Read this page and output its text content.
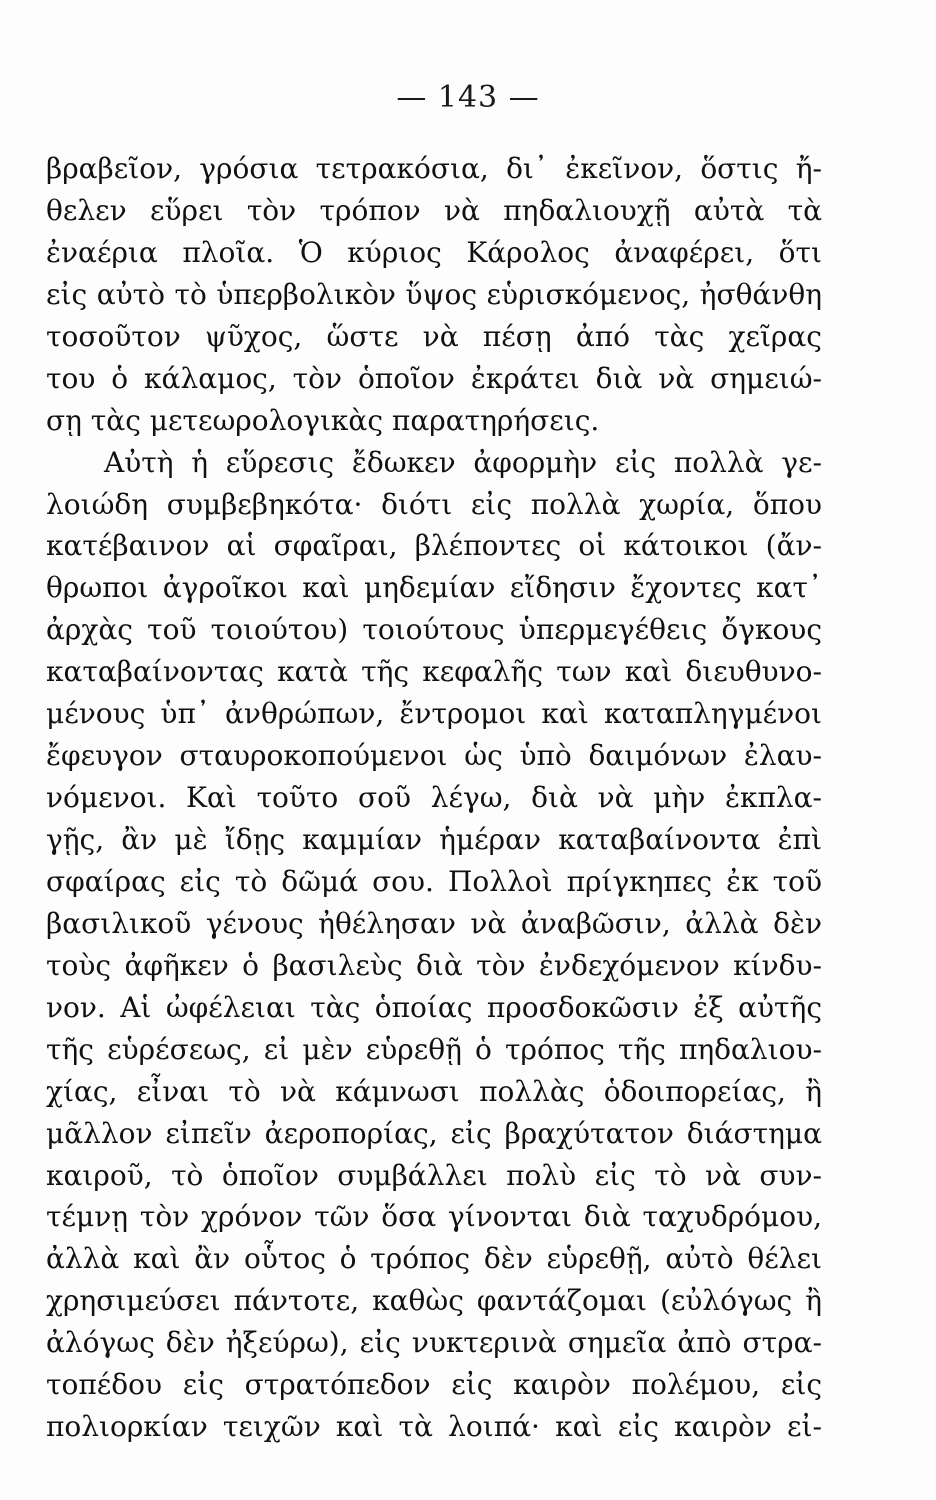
— 143 —
βραβεῖον, γρόσια τετρακόσια, δι᾽ ἐκεῖνον, ὅστις ἤ-
θελεν εὕρει τὸν τρόπον νὰ πηδαλιουχῇ αὐτὰ τὰ
ἐναέρια πλοῖα. Ὁ κύριος Κάρολος ἀναφέρει, ὅτι
εἰς αὐτὸ τὸ ὑπερβολικὸν ὕψος εὑρισκόμενος, ἠσθάνθη
τοσοῦτον ψῦχος, ὥστε νὰ πέσῃ ἀπό τὰς χεῖρας
του ὁ κάλαμος, τὸν ὁποῖον ἐκράτει διὰ νὰ σημειώ-
σῃ τὰς μετεωρολογικὰς παρατηρήσεις.
Αὐτὴ ἡ εὕρεσις ἔδωκεν ἀφορμὴν εἰς πολλὰ γε-
λοιώδη συμβεβηκότα· διότι εἰς πολλὰ χωρία, ὅπου
κατέβαινον αἱ σφαῖραι, βλέποντες οἱ κάτοικοι (ἄν-
θρωποι ἀγροῖκοι καὶ μηδεμίαν εἴδησιν ἔχοντες κατ᾽
ἀρχὰς τοῦ τοιούτου) τοιούτους ὑπερμεγέθεις ὄγκους
καταβαίνοντας κατὰ τῆς κεφαλῆς των καὶ διευθυνο-
μένους ὑπ᾽ ἀνθρώπων, ἔντρομοι καὶ καταπληγμένοι
ἔφευγον σταυροκοπούμενοι ὡς ὑπὸ δαιμόνων ἐλαυ-
νόμενοι. Καὶ τοῦτο σοῦ λέγω, διὰ νὰ μὴν ἐκπλα-
γῇς, ἂν μὲ ἴδῃς καμμίαν ἡμέραν καταβαίνοντα ἐπὶ
σφαίρας εἰς τὸ δῶμά σου. Πολλοὶ πρίγκηπες ἐκ τοῦ
βασιλικοῦ γένους ἠθέλησαν νὰ ἀναβῶσιν, ἀλλὰ δὲν
τοὺς ἀφῆκεν ὁ βασιλεὺς διὰ τὸν ἐνδεχόμενον κίνδυ-
νον. Αἱ ὠφέλειαι τὰς ὁποίας προσδοκῶσιν ἐξ αὐτῆς
τῆς εὑρέσεως, εἰ μὲν εὑρεθῇ ὁ τρόπος τῆς πηδαλιου-
χίας, εἶναι τὸ νὰ κάμνωσι πολλὰς ὁδοιπορείας, ἢ
μᾶλλον εἰπεῖν ἀεροπορίας, εἰς βραχύτατον διάστημα
καιροῦ, τὸ ὁποῖον συμβάλλει πολὺ εἰς τὸ νὰ συν-
τέμνῃ τὸν χρόνον τῶν ὅσα γίνονται διὰ ταχυδρόμου,
ἀλλὰ καὶ ἂν οὗτος ὁ τρόπος δὲν εὑρεθῇ, αὐτὸ θέλει
χρησιμεύσει πάντοτε, καθὼς φαντάζομαι (εὐλόγως ἢ
ἀλόγως δὲν ἠξεύρω), εἰς νυκτερινὰ σημεῖα ἀπὸ στρα-
τοπέδου εἰς στρατόπεδον εἰς καιρὸν πολέμου, εἰς
πολιορκίαν τειχῶν καὶ τὰ λοιπά· καὶ εἰς καιρὸν εἰ-
